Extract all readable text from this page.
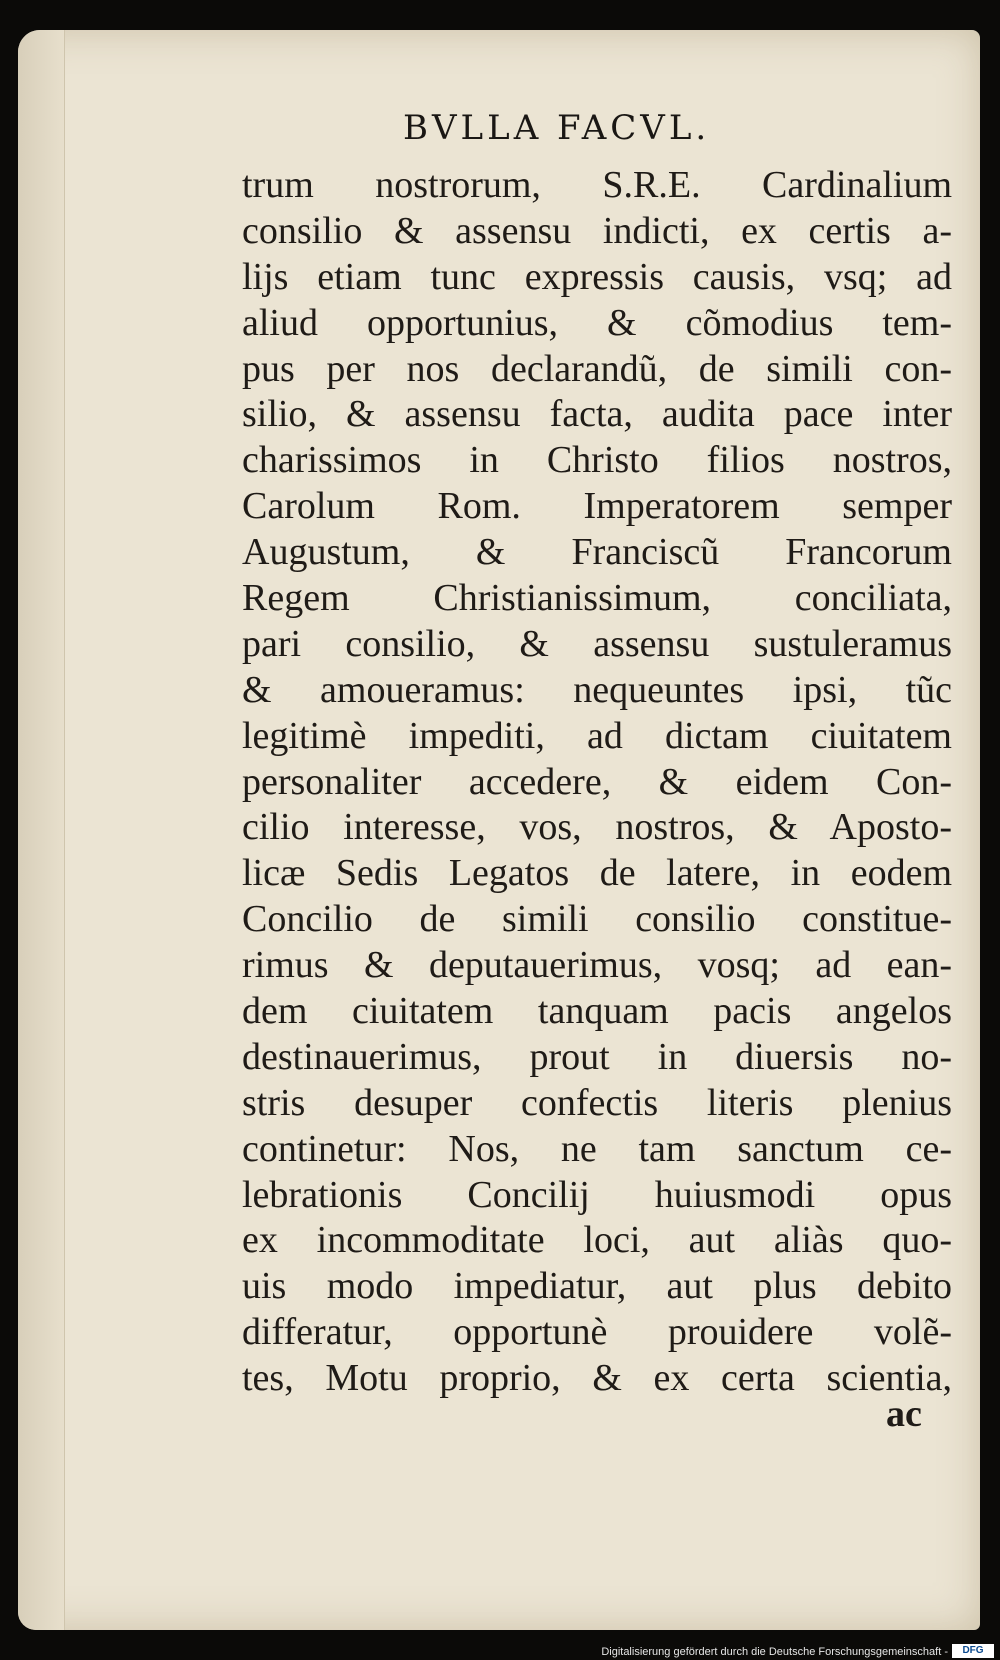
BVLLA FACVL.
trum nostrorum, S.R.E. Cardinalium
consilio & assensu indicti, ex certis a-
lijs etiam tunc expressis causis, vsq; ad
aliud opportunius, & cõmodius tem-
pus per nos declarandũ, de simili con-
silio, & assensu facta, audita pace inter
charissimos in Christo filios nostros,
Carolum Rom. Imperatorem semper
Augustum, & Franciscũ Francorum
Regem Christianissimum, conciliata,
pari consilio, & assensu sustuleramus
& amoueramus: nequeuntes ipsi, tũc
legitimè impediti, ad dictam ciuitatem
personaliter accedere, & eidem Con-
cilio interesse, vos, nostros, & Aposto-
licæ Sedis Legatos de latere, in eodem
Concilio de simili consilio constitue-
rimus & deputauerimus, vosq; ad ean-
dem ciuitatem tanquam pacis angelos
destinauerimus, prout in diuersis no-
stris desuper confectis literis plenius
continetur: Nos, ne tam sanctum ce-
lebrationis Concilij huiusmodi opus
ex incommoditate loci, aut aliàs quo-
uis modo impediatur, aut plus debito
differatur, opportunè prouidere volẽ-
tes, Motu proprio, & ex certa scientia,
ac
Digitalisierung gefördert durch die Deutsche Forschungsgemeinschaft -	DFG
